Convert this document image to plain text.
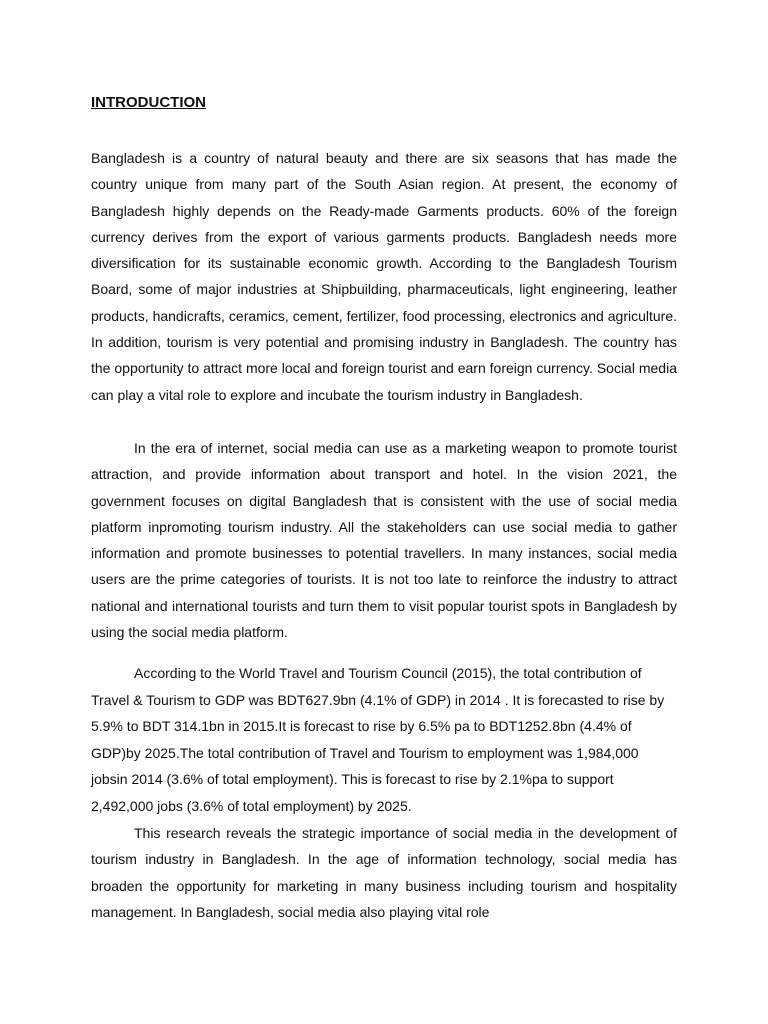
INTRODUCTION

Bangladesh is a country of natural beauty and there are six seasons that has made the country unique from many part of the South Asian region. At present, the economy of Bangladesh highly depends on the Ready-made Garments products. 60% of the foreign currency derives from the export of various garments products. Bangladesh needs more diversification for its sustainable economic growth. According to the Bangladesh Tourism Board, some of major industries at Shipbuilding, pharmaceuticals, light engineering, leather products, handicrafts, ceramics, cement, fertilizer, food processing, electronics and agriculture. In addition, tourism is very potential and promising industry in Bangladesh. The country has the opportunity to attract more local and foreign tourist and earn foreign currency. Social media can play a vital role to explore and incubate the tourism industry in Bangladesh.

In the era of internet, social media can use as a marketing weapon to promote tourist attraction, and provide information about transport and hotel. In the vision 2021, the government focuses on digital Bangladesh that is consistent with the use of social media platform inpromoting tourism industry. All the stakeholders can use social media to gather information and promote businesses to potential travellers. In many instances, social media users are the prime categories of tourists. It is not too late to reinforce the industry to attract national and international tourists and turn them to visit popular tourist spots in Bangladesh by using the social media platform.

According to the World Travel and Tourism Council (2015), the total contribution of Travel & Tourism to GDP was BDT627.9bn (4.1% of GDP) in 2014 . It is forecasted to rise by 5.9% to BDT 314.1bn in 2015.It is forecast to rise by 6.5% pa to BDT1252.8bn (4.4% of GDP)by 2025.The total contribution of Travel and Tourism to employment was 1,984,000 jobsin 2014 (3.6% of total employment). This is forecast to rise by 2.1%pa to support 2,492,000 jobs (3.6% of total employment) by 2025.

This research reveals the strategic importance of social media in the development of tourism industry in Bangladesh. In the age of information technology, social media has broaden the opportunity for marketing in many business including tourism and hospitality management. In Bangladesh, social media also playing vital role
